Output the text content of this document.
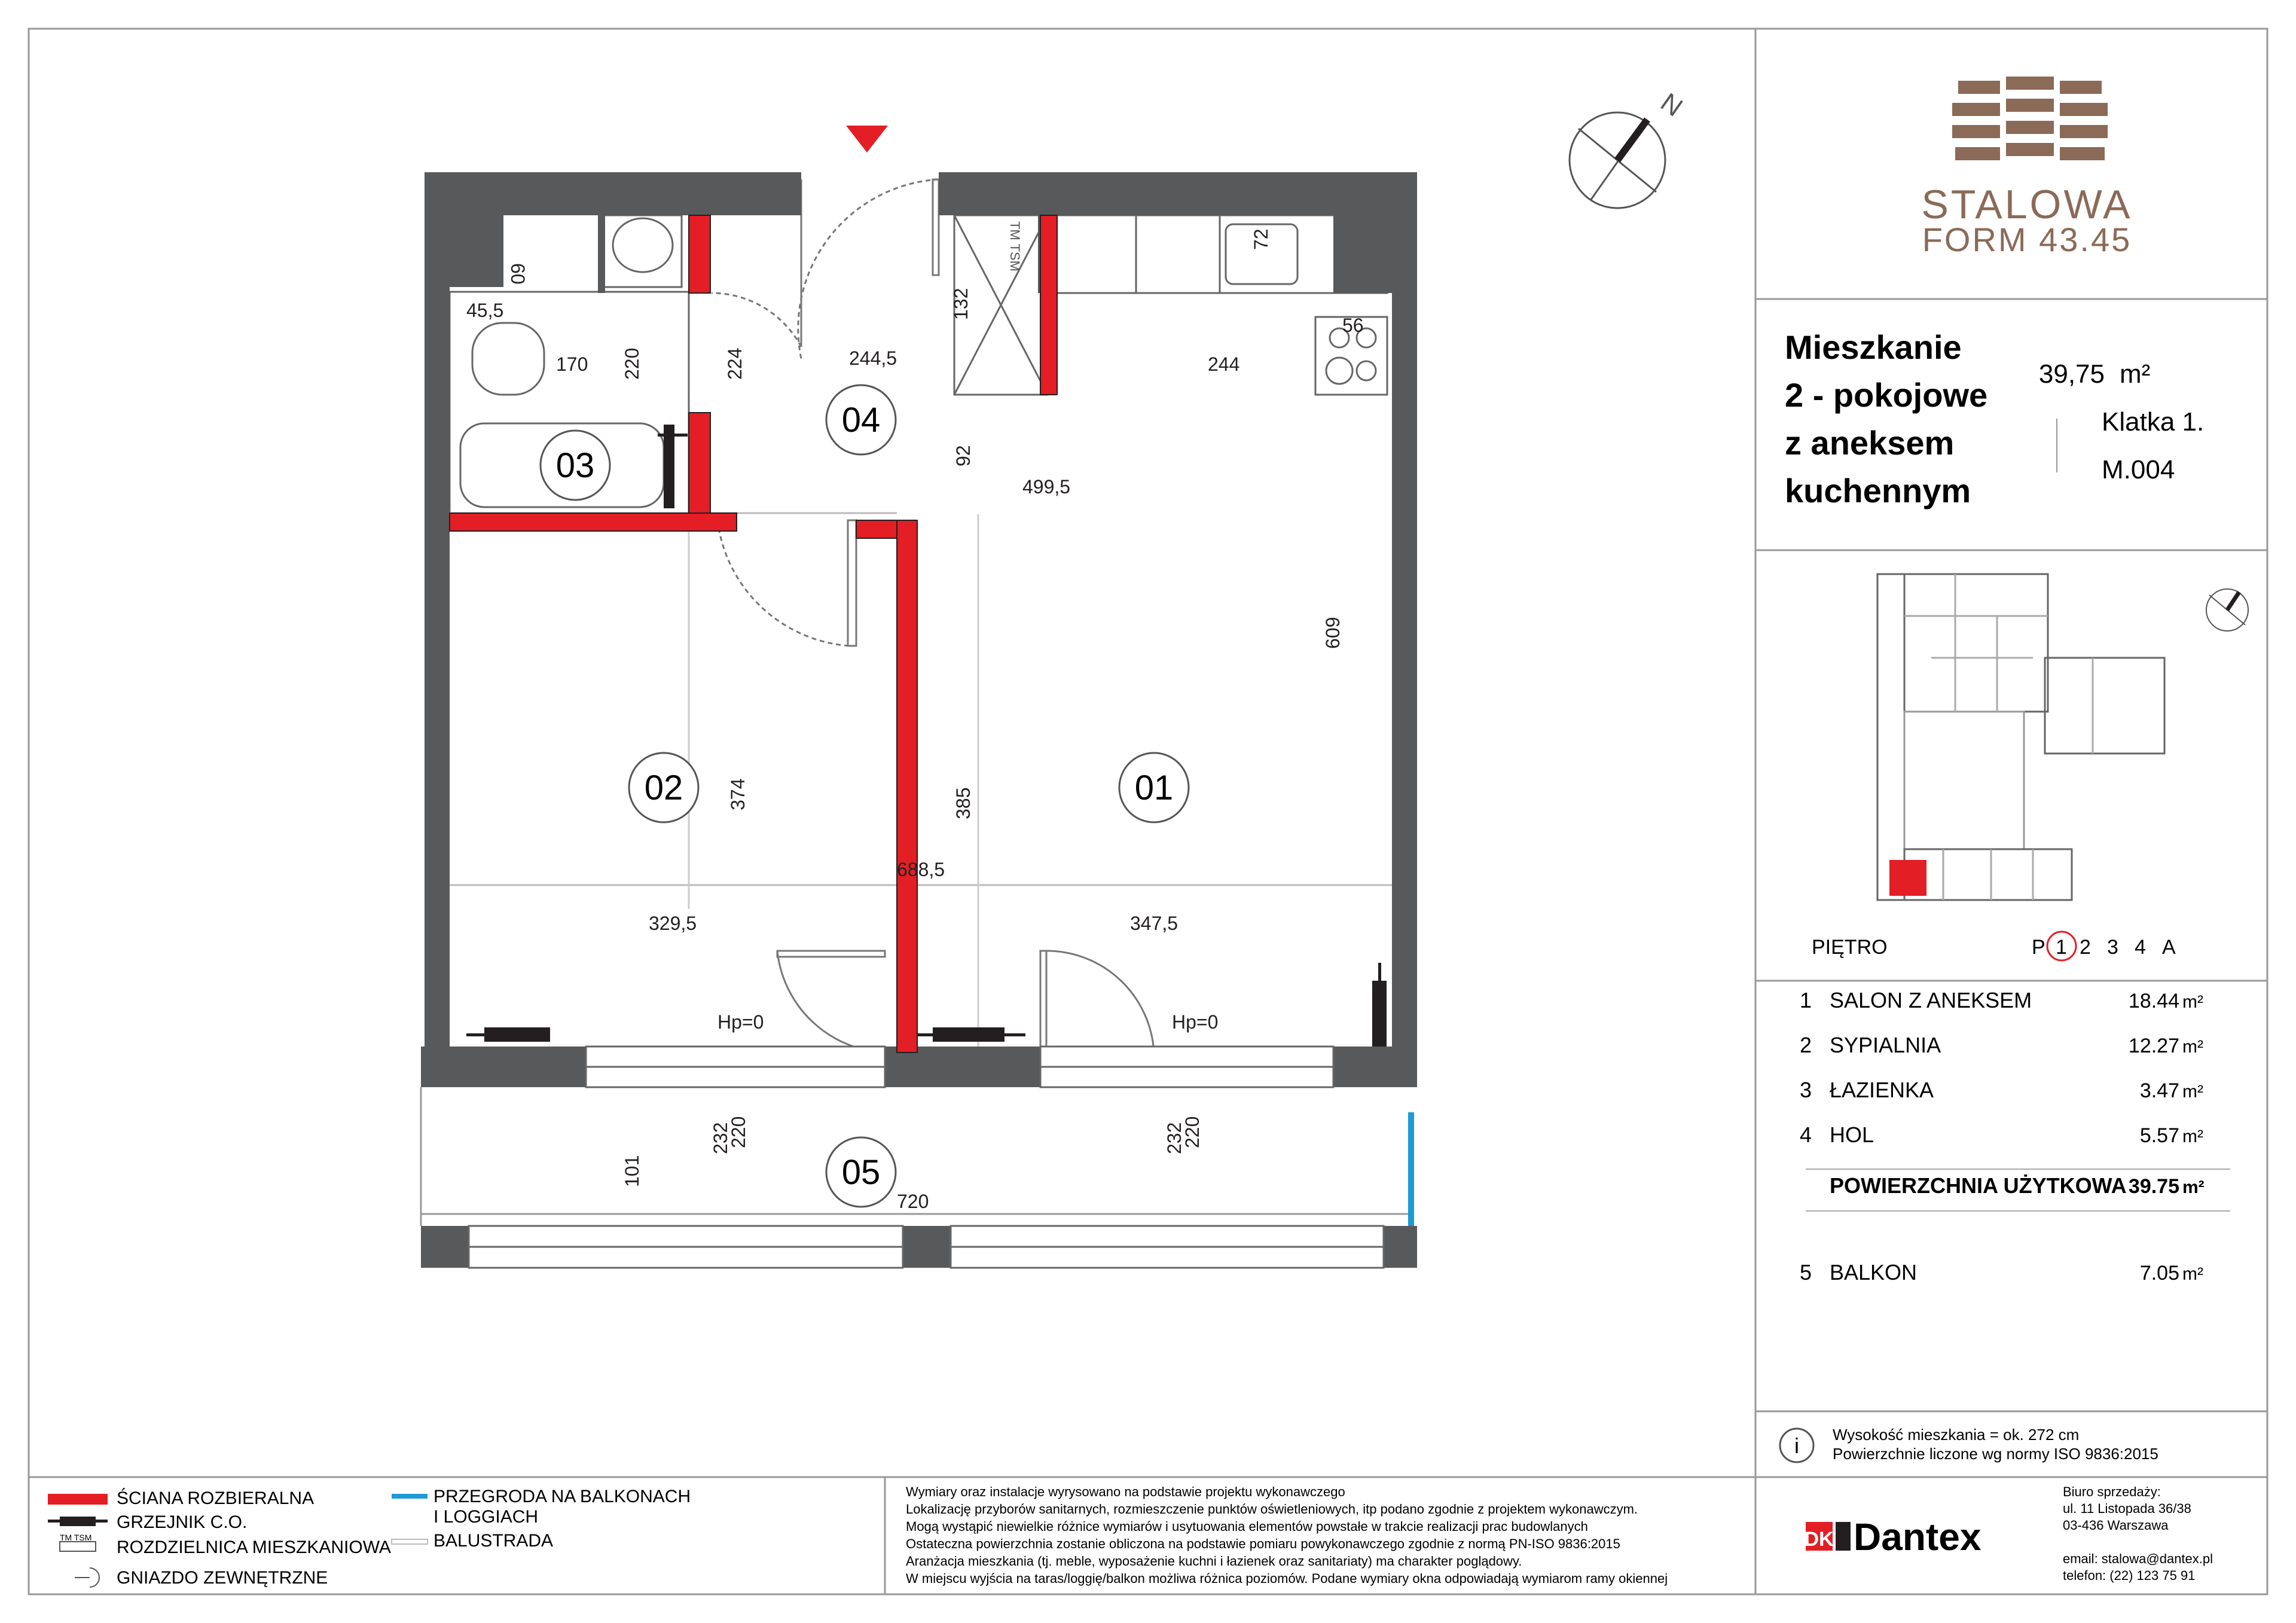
STALOWA
FORM 43.45
Mieszkanie
2 - pokojowe
z aneksem
kuchennym
39,75 m²
Klatka 1.
M.004
PIĘTRO	P 1 2 3 4 A
1 SALON Z ANEKSEM	18.44 m²
2 SYPIALNIA	12.27 m²
3 ŁAZIENKA	3.47 m²
4 HOL	5.57 m²
POWIERZCHNIA UŻYTKOWA 39.75 m²
5 BALKON	7.05 m²
i Wysokość mieszkania = ok. 272 cm
Powierzchnie liczone wg normy ISO 9836:2015
ŚCIANA ROZBIERALNA
GRZEJNIK C.O.
TM TSM ROZDZIELNICA MIESZKANIOWA
GNIAZDO ZEWNĘTRZNE
PRZEGRODA NA BALKONACH
I LOGGIACH
BALUSTRADA
Wymiary oraz instalacje wyrysowano na podstawie projektu wykonawczego
Lokalizację przyborów sanitarnych, rozmieszczenie punktów oświetleniowych, itp podano zgodnie z projektem wykonawczym.
Mogą wystąpić niewielkie różnice wymiarów i usytuowania elementów powstałe w trakcie realizacji prac budowlanych
Ostateczna powierzchnia zostanie obliczona na podstawie pomiaru powykonawczego zgodnie z normą PN-ISO 9836:2015
Aranżacja mieszkania (tj. meble, wyposażenie kuchni i łazienek oraz sanitariaty) ma charakter poglądowy.
W miejscu wyjścia na taras/loggię/balkon możliwa różnica poziomów. Podane wymiary okna odpowiadają wymiarom ramy okiennej
DK Dantex
Biuro sprzedaży:
ul. 11 Listopada 36/38
03-436 Warszawa
email: stalowa@dantex.pl
telefon: (22) 123 75 91
04
03
02	01
05
45,5
170	244,5	244
56
499,5
688,5
329,5	347,5
Hp=0	Hp=0
720
60
220	224
132
72
92
609
374	385
220
232	220
232
101
TM TSM
N
